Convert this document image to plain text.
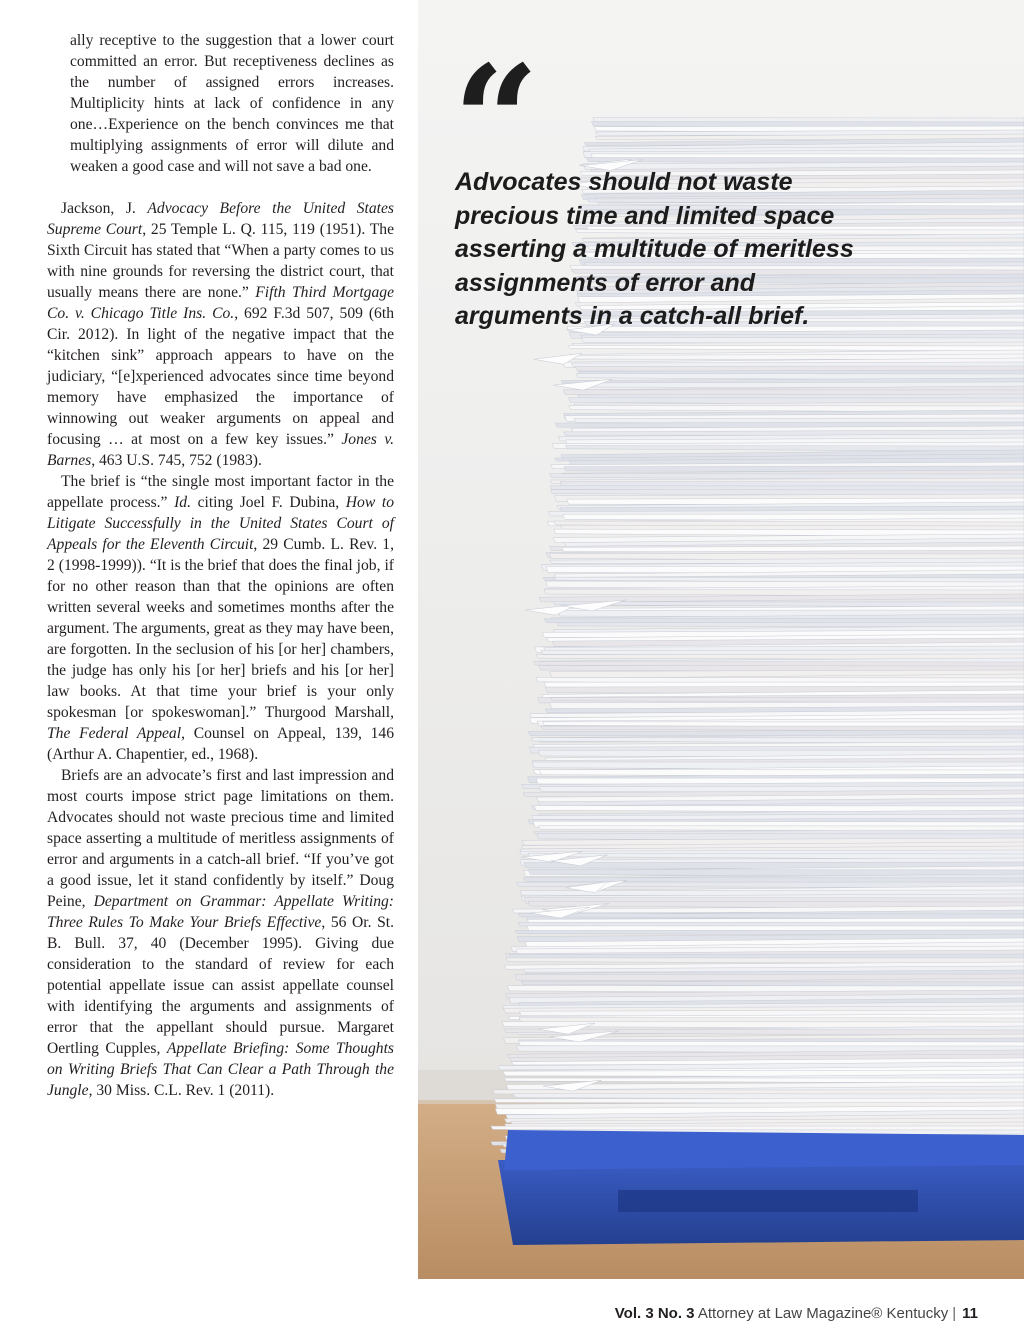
ally receptive to the suggestion that a lower court committed an error. But receptiveness declines as the number of assigned errors increases. Multiplicity hints at lack of confidence in any one…Experience on the bench convinces me that multiplying assignments of error will dilute and weaken a good case and will not save a bad one.

Jackson, J. Advocacy Before the United States Supreme Court, 25 Temple L. Q. 115, 119 (1951). The Sixth Circuit has stated that “When a party comes to us with nine grounds for reversing the district court, that usually means there are none.” Fifth Third Mortgage Co. v. Chicago Title Ins. Co., 692 F.3d 507, 509 (6th Cir. 2012). In light of the negative impact that the “kitchen sink” approach appears to have on the judiciary, “[e]xperienced advocates since time beyond memory have emphasized the importance of winnowing out weaker arguments on appeal and focusing … at most on a few key issues.” Jones v. Barnes, 463 U.S. 745, 752 (1983).

The brief is “the single most important factor in the appellate process.” Id. citing Joel F. Dubina, How to Litigate Successfully in the United States Court of Appeals for the Eleventh Circuit, 29 Cumb. L. Rev. 1, 2 (1998-1999)). “It is the brief that does the final job, if for no other reason than that the opinions are often written several weeks and sometimes months after the argument. The arguments, great as they may have been, are forgotten. In the seclusion of his [or her] chambers, the judge has only his [or her] briefs and his [or her] law books. At that time your brief is your only spokesman [or spokeswoman].” Thurgood Marshall, The Federal Appeal, Counsel on Appeal, 139, 146 (Arthur A. Chapentier, ed., 1968).

Briefs are an advocate’s first and last impression and most courts impose strict page limitations on them. Advocates should not waste precious time and limited space asserting a multitude of meritless assignments of error and arguments in a catch-all brief. “If you’ve got a good issue, let it stand confidently by itself.” Doug Peine, Department on Grammar: Appellate Writing: Three Rules To Make Your Briefs Effective, 56 Or. St. B. Bull. 37, 40 (December 1995). Giving due consideration to the standard of review for each potential appellate issue can assist appellate counsel with identifying the arguments and assignments of error that the appellant should pursue. Margaret Oertling Cupples, Appellate Briefing: Some Thoughts on Writing Briefs That Can Clear a Path Through the Jungle, 30 Miss. C.L. Rev. 1 (2011).

“
Advocates should not waste precious time and limited space asserting a multitude of meritless assignments of error and arguments in a catch-all brief.
Vol. 3 No. 3 Attorney at Law Magazine® Kentucky | 11
